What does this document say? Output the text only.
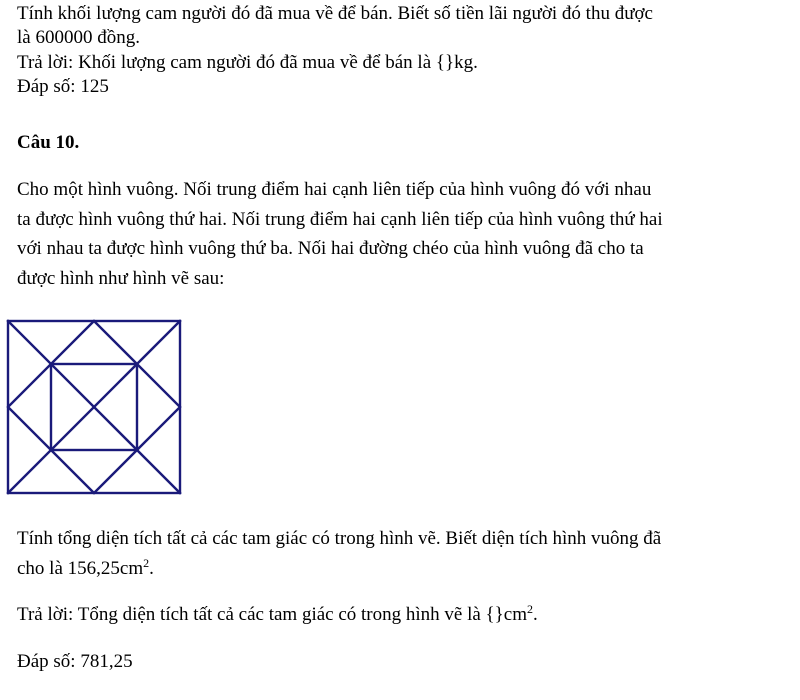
Tính khối lượng cam người đó đã mua về để bán. Biết số tiền lãi người đó thu được
là 600000 đồng.
Trả lời: Khối lượng cam người đó đã mua về để bán là {}kg.
Đáp số: 125
Câu 10.
Cho một hình vuông. Nối trung điểm hai cạnh liên tiếp của hình vuông đó với nhau
ta được hình vuông thứ hai. Nối trung điểm hai cạnh liên tiếp của hình vuông thứ hai
với nhau ta được hình vuông thứ ba. Nối hai đường chéo của hình vuông đã cho ta
được hình như hình vẽ sau:
Tính tổng diện tích tất cả các tam giác có trong hình vẽ. Biết diện tích hình vuông đã
cho là $156,25cm^2$.
Trả lời: Tổng diện tích tất cả các tam giác có trong hình vẽ là $\{\}cm^2$.
Đáp số: 781,25
